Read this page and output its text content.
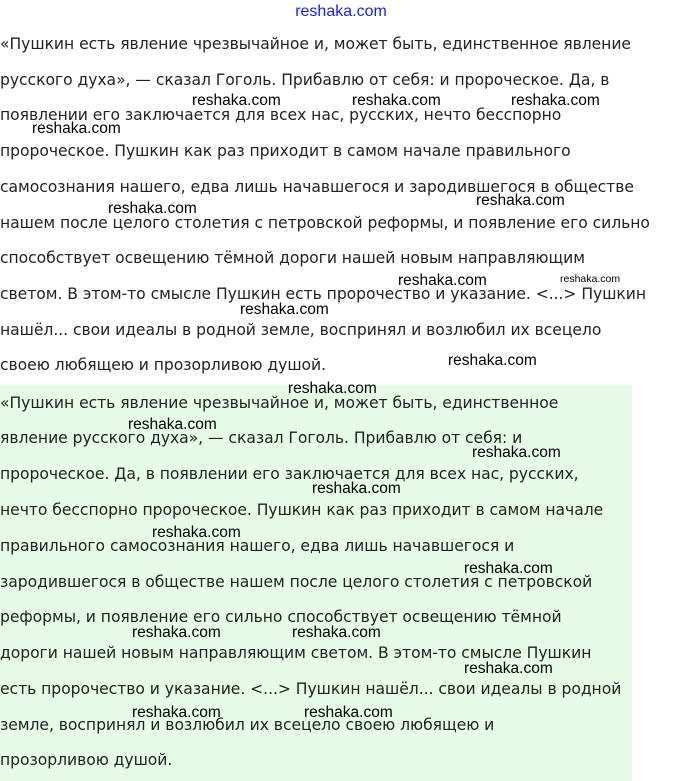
reshaka.com
«Пушкин есть явление чрезвычайное и, может быть, единственное явление
русского духа», — сказал Гоголь. Прибавлю от себя: и пророческое. Да, в
появлении его заключается для всех нас, русских, нечто бесспорно
пророческое. Пушкин как раз приходит в самом начале правильного
самосознания нашего, едва лишь начавшегося и зародившегося в обществе
нашем после целого столетия с петровской реформы, и появление его сильно
способствует освещению тёмной дороги нашей новым направляющим
светом. В этом-то смысле Пушкин есть пророчество и указание. <...> Пушкин
нашёл... свои идеалы в родной земле, воспринял и возлюбил их всецело
своею любящею и прозорливою душой.
«Пушкин есть явление чрезвычайное и, может быть, единственное
явление русского духа», — сказал Гоголь. Прибавлю от себя: и
пророческое. Да, в появлении его заключается для всех нас, русских,
нечто бесспорно пророческое. Пушкин как раз приходит в самом начале
правильного самосознания нашего, едва лишь начавшегося и
зародившегося в обществе нашем после целого столетия с петровской
реформы, и появление его сильно способствует освещению тёмной
дороги нашей новым направляющим светом. В этом-то смысле Пушкин
есть пророчество и указание. <...> Пушкин нашёл... свои идеалы в родной
земле, воспринял и возлюбил их всецело своею любящею и
прозорливою душой.
reshaka.com	reshaka.com	reshaka.com
reshaka.com
reshaka.com	reshaka.com
reshaka.com	reshaka.com
reshaka.com
reshaka.com
reshaka.com
reshaka.com
reshaka.com
reshaka.com
reshaka.com
reshaka.com
reshaka.com	reshaka.com
reshaka.com
reshaka.com	reshaka.com
